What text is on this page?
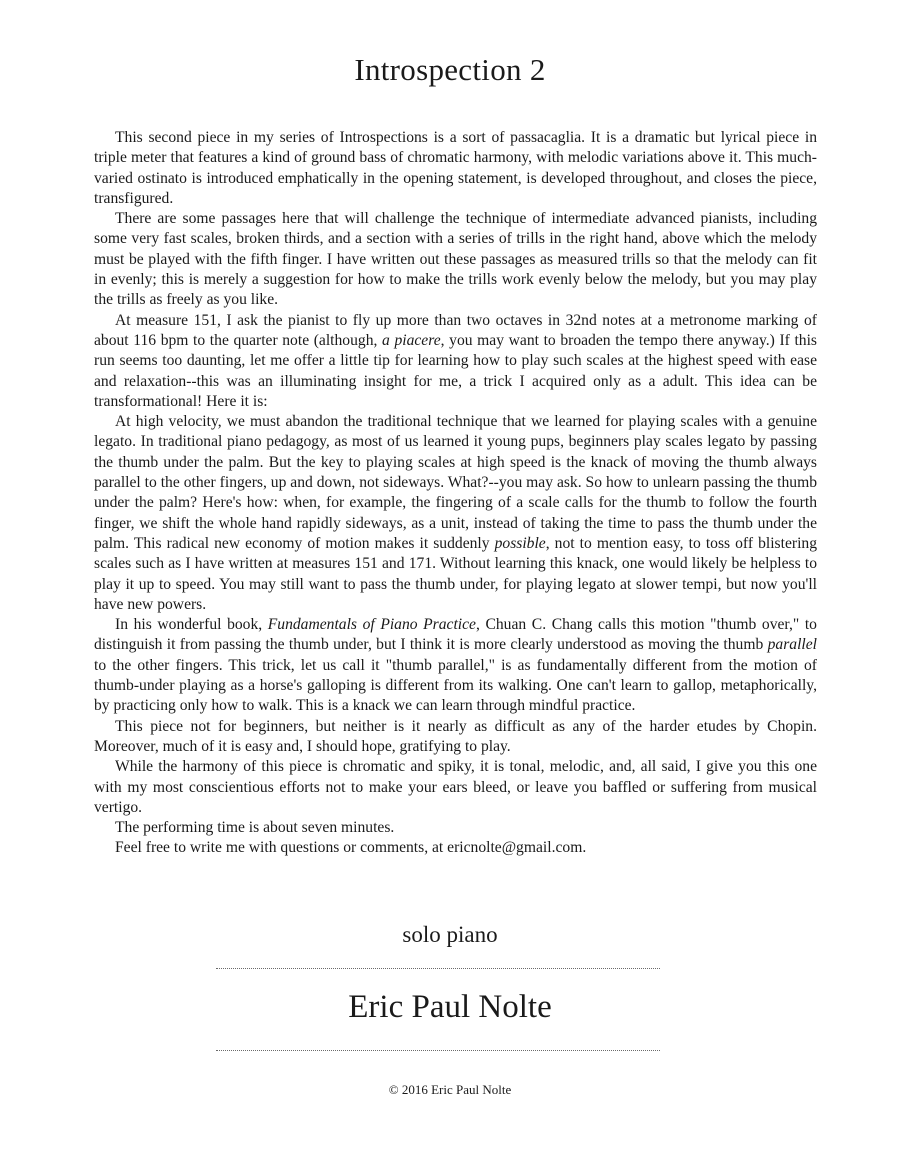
Introspection 2

This second piece in my series of Introspections is a sort of passacaglia. It is a dramatic but lyrical piece in triple meter that features a kind of ground bass of chromatic harmony, with melodic variations above it. This much-varied ostinato is introduced emphatically in the opening statement, is developed throughout, and closes the piece, transfigured.

There are some passages here that will challenge the technique of intermediate advanced pianists, including some very fast scales, broken thirds, and a section with a series of trills in the right hand, above which the melody must be played with the fifth finger. I have written out these passages as measured trills so that the melody can fit in evenly; this is merely a suggestion for how to make the trills work evenly below the melody, but you may play the trills as freely as you like.

At measure 151, I ask the pianist to fly up more than two octaves in 32nd notes at a metronome marking of about 116 bpm to the quarter note (although, a piacere, you may want to broaden the tempo there anyway.) If this run seems too daunting, let me offer a little tip for learning how to play such scales at the highest speed with ease and relaxation--this was an illuminating insight for me, a trick I acquired only as a adult. This idea can be transformational! Here it is:

At high velocity, we must abandon the traditional technique that we learned for playing scales with a genuine legato. In traditional piano pedagogy, as most of us learned it young pups, beginners play scales legato by passing the thumb under the palm. But the key to playing scales at high speed is the knack of moving the thumb always parallel to the other fingers, up and down, not sideways. What?--you may ask. So how to unlearn passing the thumb under the palm? Here's how: when, for example, the fingering of a scale calls for the thumb to follow the fourth finger, we shift the whole hand rapidly sideways, as a unit, instead of taking the time to pass the thumb under the palm. This radical new economy of motion makes it suddenly possible, not to mention easy, to toss off blistering scales such as I have written at measures 151 and 171. Without learning this knack, one would likely be helpless to play it up to speed. You may still want to pass the thumb under, for playing legato at slower tempi, but now you'll have new powers.

In his wonderful book, Fundamentals of Piano Practice, Chuan C. Chang calls this motion "thumb over," to distinguish it from passing the thumb under, but I think it is more clearly understood as moving the thumb parallel to the other fingers. This trick, let us call it "thumb parallel," is as fundamentally different from the motion of thumb-under playing as a horse's galloping is different from its walking. One can't learn to gallop, metaphorically, by practicing only how to walk. This is a knack we can learn through mindful practice.

This piece not for beginners, but neither is it nearly as difficult as any of the harder etudes by Chopin. Moreover, much of it is easy and, I should hope, gratifying to play.

While the harmony of this piece is chromatic and spiky, it is tonal, melodic, and, all said, I give you this one with my most conscientious efforts not to make your ears bleed, or leave you baffled or suffering from musical vertigo.

The performing time is about seven minutes.

Feel free to write me with questions or comments, at ericnolte@gmail.com.

solo piano
Eric Paul Nolte
© 2016 Eric Paul Nolte
